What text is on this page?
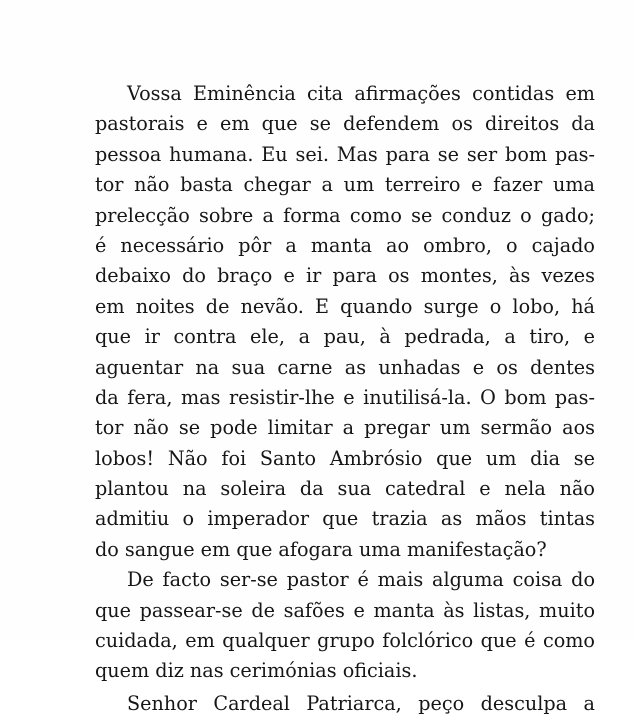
Vossa Eminência cita afirmações contidas em
pastorais e em que se defendem os direitos da
pessoa humana. Eu sei. Mas para se ser bom pas-
tor não basta chegar a um terreiro e fazer uma
prelecção sobre a forma como se conduz o gado;
é necessário pôr a manta ao ombro, o cajado
debaixo do braço e ir para os montes, às vezes
em noites de nevão. E quando surge o lobo, há
que ir contra ele, a pau, à pedrada, a tiro, e
aguentar na sua carne as unhadas e os dentes
da fera, mas resistir-lhe e inutilisá-la. O bom pas-
tor não se pode limitar a pregar um sermão aos
lobos! Não foi Santo Ambrósio que um dia se
plantou na soleira da sua catedral e nela não
admitiu o imperador que trazia as mãos tintas
do sangue em que afogara uma manifestação?
De facto ser-se pastor é mais alguma coisa do
que passear-se de safões e manta às listas, muito
cuidada, em qualquer grupo folclórico que é como
quem diz nas cerimónias oficiais.
Senhor Cardeal Patriarca, peço desculpa a
